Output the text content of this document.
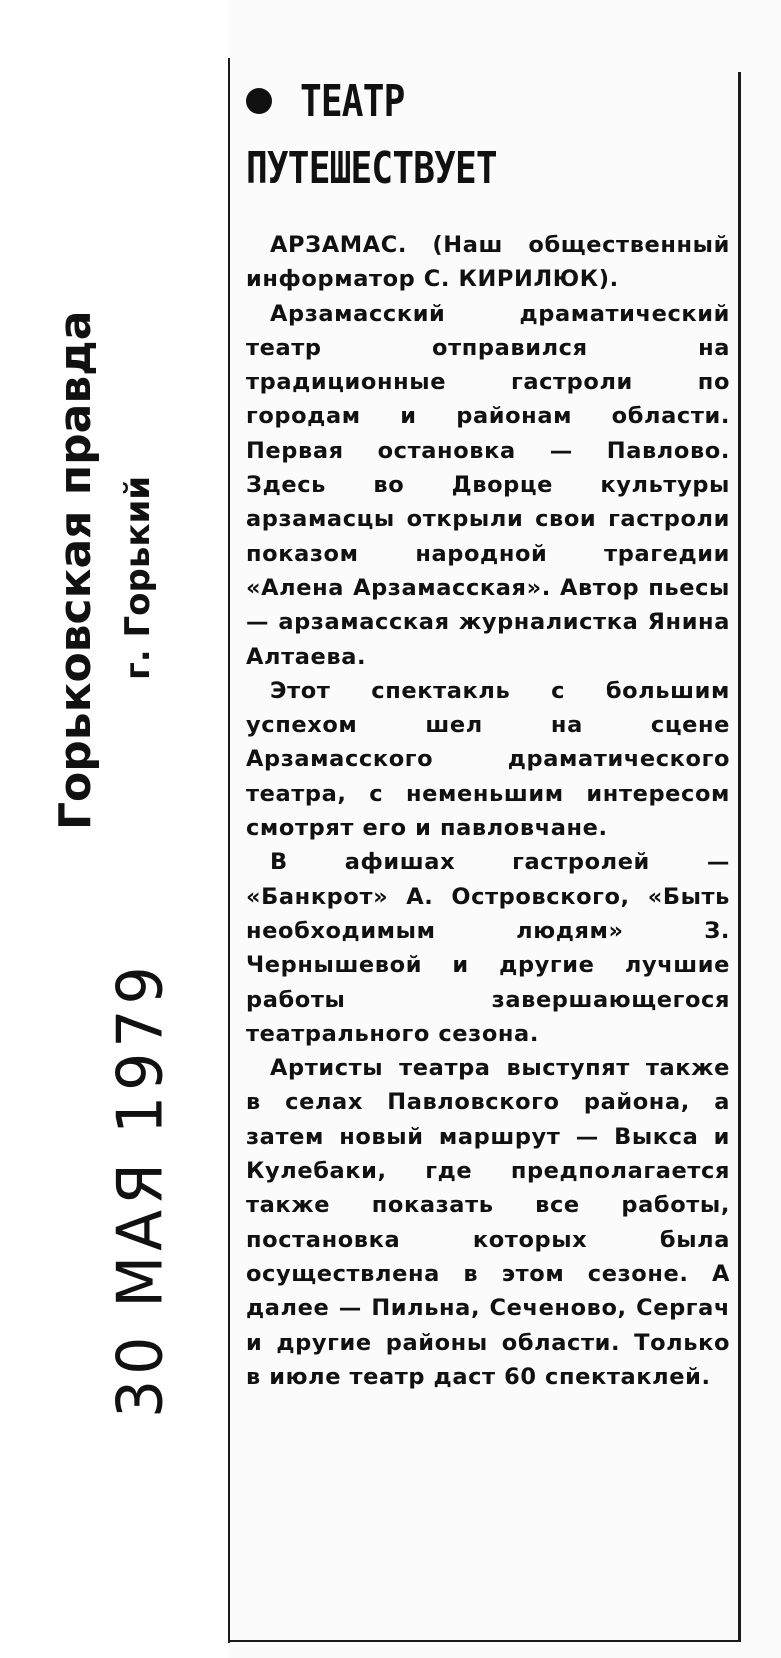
Горьковская правда г. Горький
30 МАЯ 1979
ТЕАТР
ПУТЕШЕСТВУЕТ

АРЗАМАС. (Наш общественный информатор С. КИРИЛЮК).

Арзамасский драматический театр отправился на традиционные гастроли по городам и районам области. Первая остановка — Павлово. Здесь во Дворце культуры арзамасцы открыли свои гастроли показом народной трагедии «Алена Арзамасская». Автор пьесы — арзамасская журналистка Янина Алтаева.

Этот спектакль с большим успехом шел на сцене Арзамасского драматического театра, с неменьшим интересом смотрят его и павловчане.

В афишах гастролей — «Банкрот» А. Островского, «Быть необходимым людям» З. Чернышевой и другие лучшие работы завершающегося театрального сезона.

Артисты театра выступят также в селах Павловского района, а затем новый маршрут — Выкса и Кулебаки, где предполагается также показать все работы, постановка которых была осуществлена в этом сезоне. А далее — Пильна, Сеченово, Сергач и другие районы области. Только в июле театр даст 60 спектаклей.
